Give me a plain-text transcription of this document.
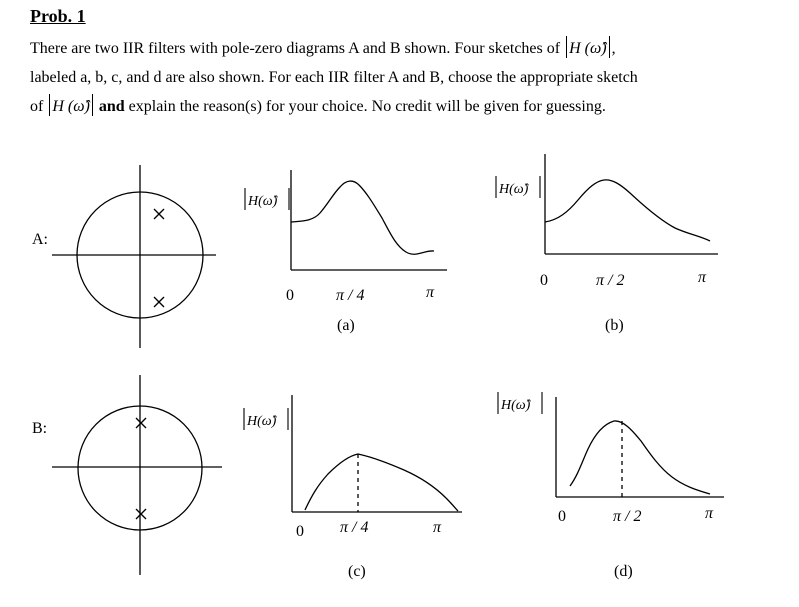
Prob. 1
There are two IIR filters with pole-zero diagrams A and B shown. Four sketches of H (ω̂) ,
labeled a, b, c, and d are also shown. For each IIR filter A and B, choose the appropriate sketch
of H (ω̂) and explain the reason(s) for your choice. No credit will be given for guessing.
A:
B:
H(ω̂)
0	π / 4	π
(a)
H(ω̂)
0	π / 2	π
(b)
H(ω̂)
0 π / 4	π
(c)
H(ω̂)
0	π / 2	π
(d)
